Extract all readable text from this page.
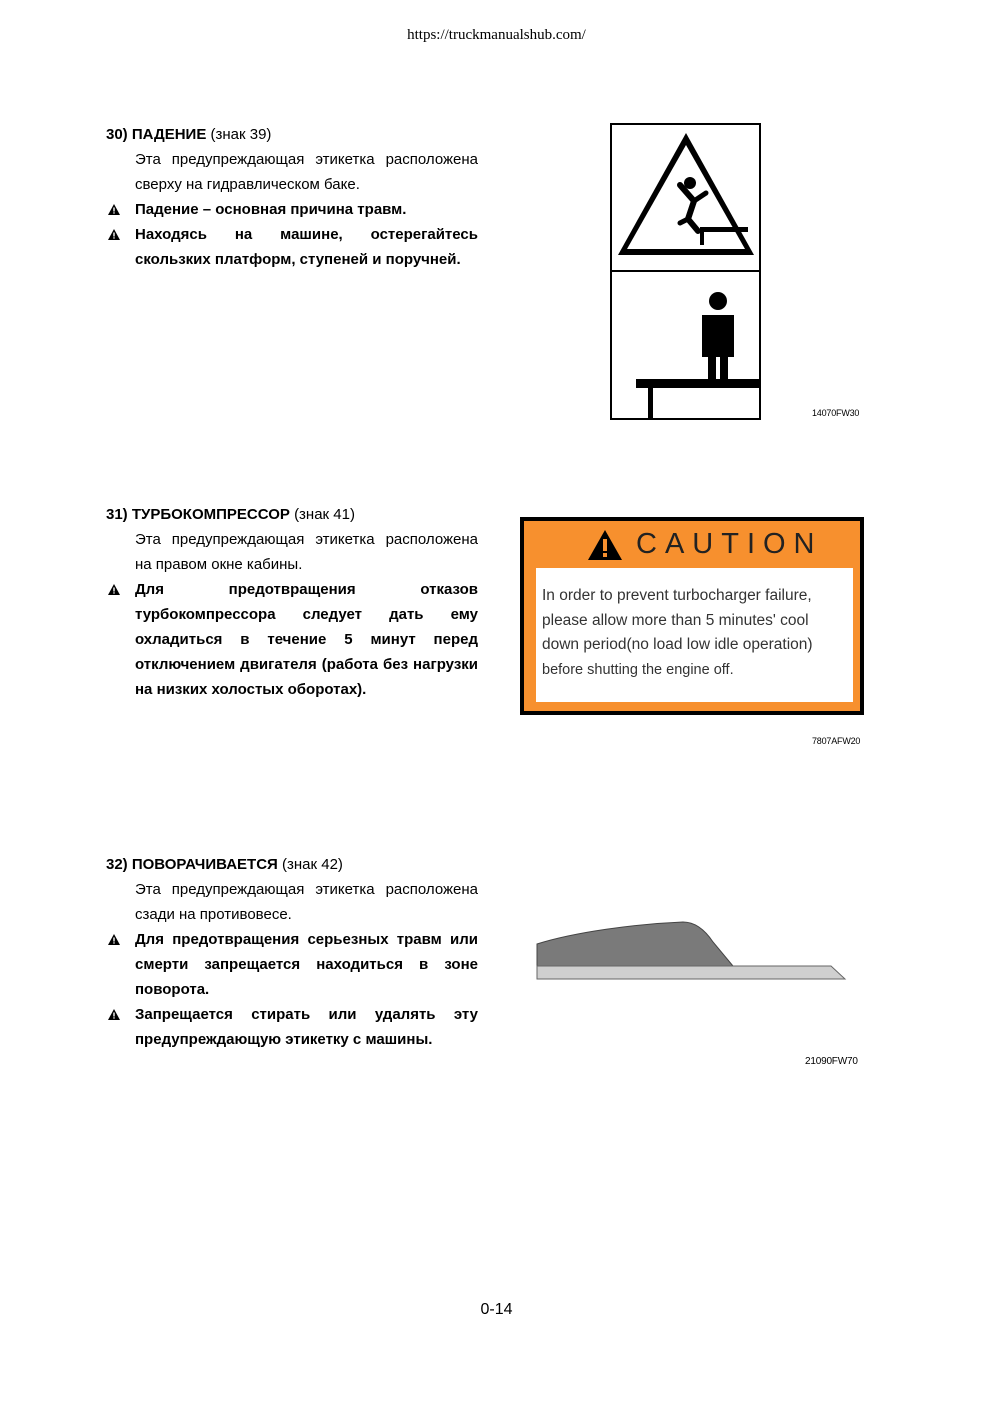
https://truckmanualshub.com/

30) ПАДЕНИЕ (знак 39)

Эта предупреждающая этикетка расположена сверху на гидравлическом баке.

Падение – основная причина травм.

Находясь на машине, остерегайтесь скользких платформ, ступеней и поручней.

14070FW30

31) ТУРБОКОМПРЕССОР (знак 41)

Эта предупреждающая этикетка расположена на правом окне кабины.

Для предотвращения отказов турбокомпрессора следует дать ему охладиться в течение 5 минут перед отключением двигателя (работа без нагрузки на низких холостых оборотах).

CAUTION
In order to prevent turbocharger failure,
please allow more than 5 minutes' cool
down period(no load low idle operation)
before shutting the engine off.
7807AFW20

32) ПОВОРАЧИВАЕТСЯ (знак 42)

Эта предупреждающая этикетка расположена сзади на противовесе.

Для предотвращения серьезных травм или смерти запрещается находиться в зоне поворота.

Запрещается стирать или удалять эту предупреждающую этикетку с машины.

21090FW70
0-14
